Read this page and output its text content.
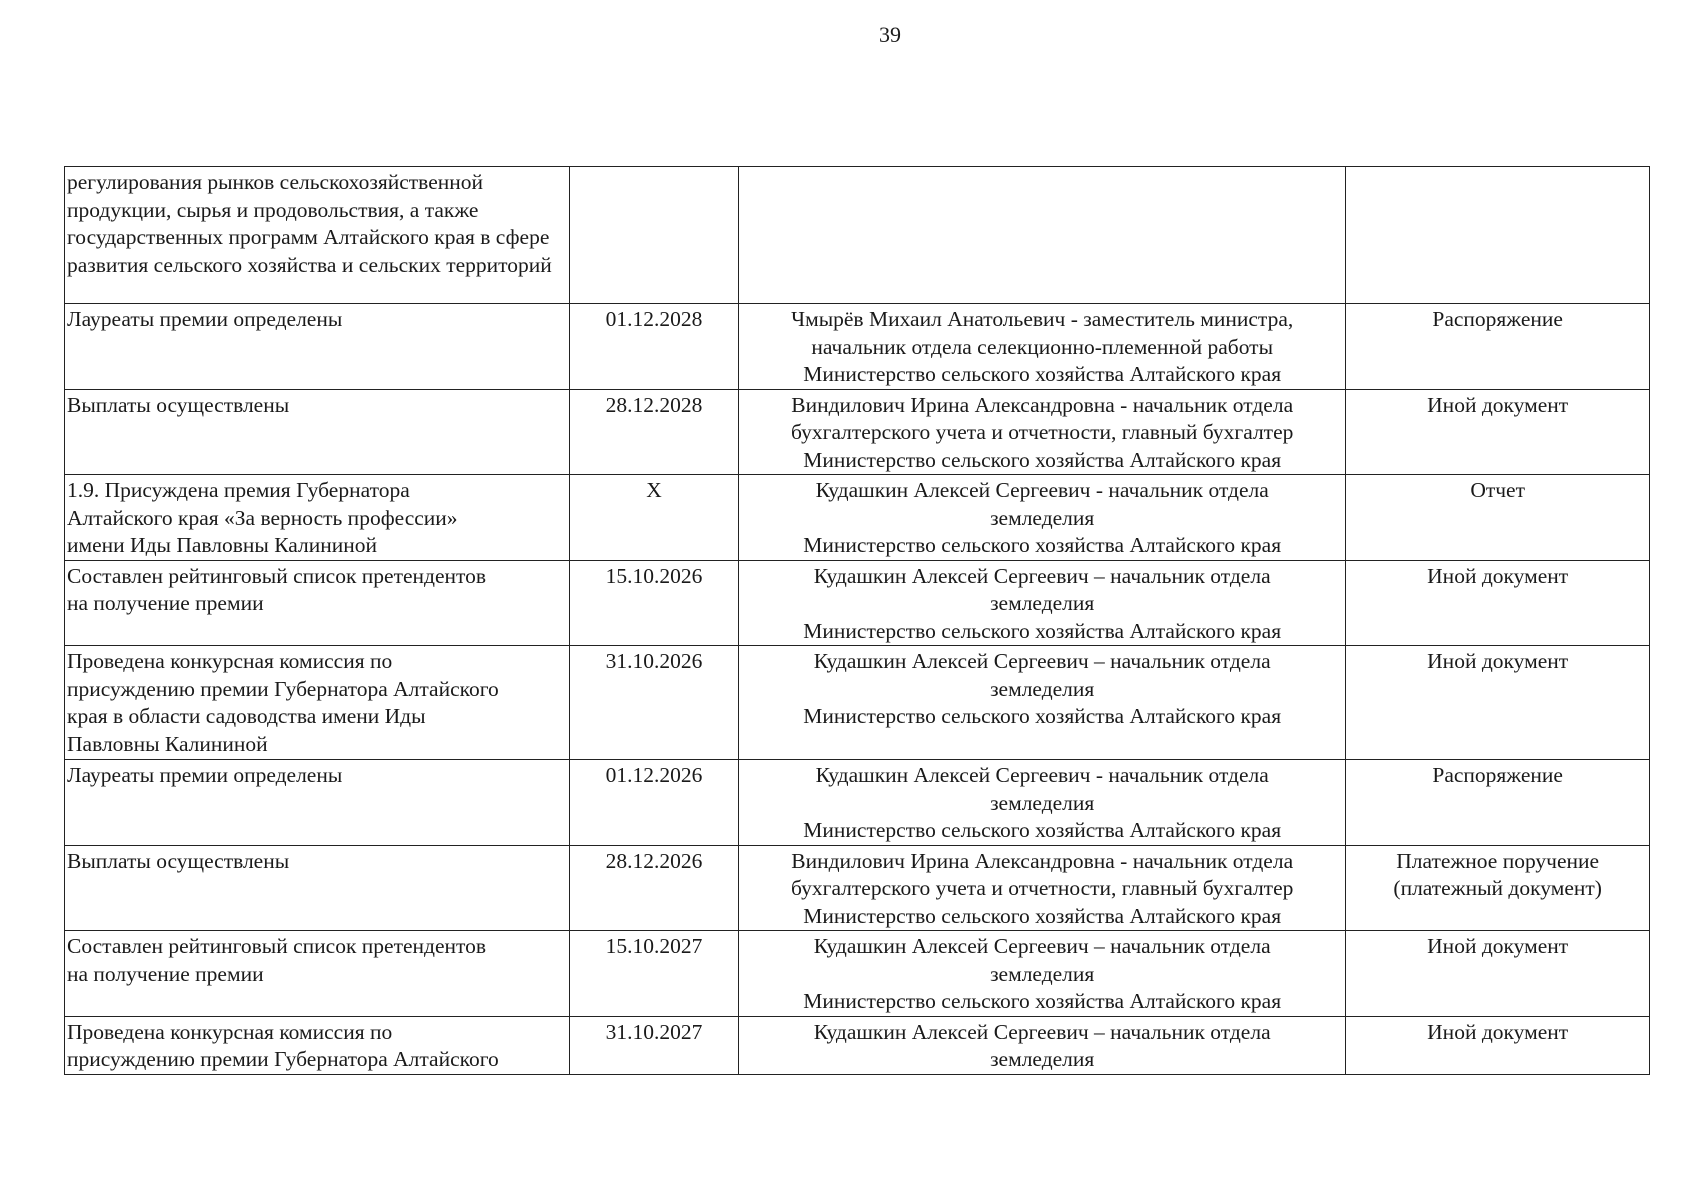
39
регулирования рынков сельскохозяйственной продукции, сырья и продовольствия, а также государственных программ Алтайского края в сфере развития сельского хозяйства и сельских территорий			
Лауреаты премии определены	01.12.2028	Чмырёв Михаил Анатольевич - заместитель министра,
начальник отдела селекционно-племенной работы
Министерство сельского хозяйства Алтайского края	Распоряжение
Выплаты осуществлены	28.12.2028	Виндилович Ирина Александровна - начальник отдела
бухгалтерского учета и отчетности, главный бухгалтер
Министерство сельского хозяйства Алтайского края	Иной документ
1.9. Присуждена премия Губернатора
Алтайского края «За верность профессии»
имени Иды Павловны Калининой	X	Кудашкин Алексей Сергеевич - начальник отдела
земледелия
Министерство сельского хозяйства Алтайского края	Отчет
Составлен рейтинговый список претендентов
на получение премии	15.10.2026	Кудашкин Алексей Сергеевич – начальник отдела
земледелия
Министерство сельского хозяйства Алтайского края	Иной документ
Проведена конкурсная комиссия по
присуждению премии Губернатора Алтайского
края в области садоводства имени Иды
Павловны Калининой	31.10.2026	Кудашкин Алексей Сергеевич – начальник отдела
земледелия
Министерство сельского хозяйства Алтайского края	Иной документ
Лауреаты премии определены	01.12.2026	Кудашкин Алексей Сергеевич - начальник отдела
земледелия
Министерство сельского хозяйства Алтайского края	Распоряжение
Выплаты осуществлены	28.12.2026	Виндилович Ирина Александровна - начальник отдела
бухгалтерского учета и отчетности, главный бухгалтер
Министерство сельского хозяйства Алтайского края	Платежное поручение
(платежный документ)
Составлен рейтинговый список претендентов
на получение премии	15.10.2027	Кудашкин Алексей Сергеевич – начальник отдела
земледелия
Министерство сельского хозяйства Алтайского края	Иной документ
Проведена конкурсная комиссия по
присуждению премии Губернатора Алтайского	31.10.2027	Кудашкин Алексей Сергеевич – начальник отдела
земледелия	Иной документ
